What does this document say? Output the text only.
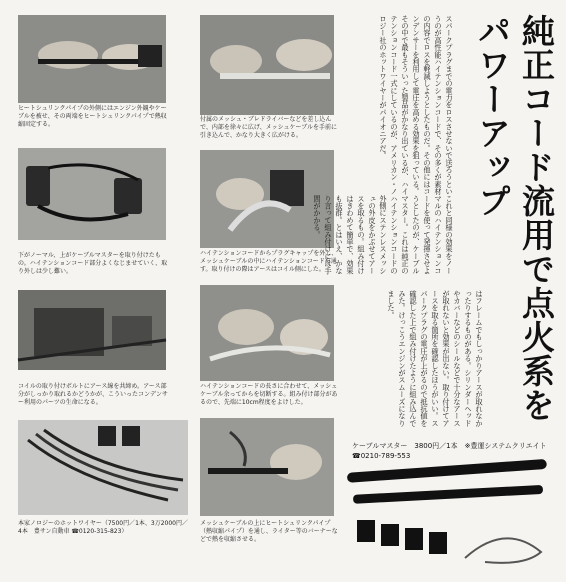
ヒートシュリンクパイプの外側にはエンジン外観やケーブルを被せ、その両端をヒートシュリンクパイプで熱収縮固定する。
下がノーマル、上がケーブルマスターを取り付けたもの。ハイテンションコード部分よくなじませていく、取り外しは少し難い。
コイルの取り付けボルトにアース線を共締め。アース部分がしっかり取れるかどうかが、こういったコンデンサー利用のパーツの生命になる。
本家ノロジーのホットワイヤー（7500円／1本、3万2000円／4本　豊サン自動車 ☎0120-315-823）
付属のメッシュ・ブレドライバーなどを差し込んで、内部を徐々に広げ、メッシュケーブルを手前に引き込んで、かなり大きく広がける。
ハイテンションコードからプラグキャップを外し、メッシュケーブルの中にハイテンションコードを通す。取り付けの際はアースはコイル側にした。
ハイテンションコードの長さに合わせて、メッシュケーブル余ってからを切断する。組み付け部分があるので、先端に10cm程度をよけした。
メッシュケーブルの上にヒートシュリンクパイプ（熱収縮パイプ）を通し、ライター等のバーナーなどで熱を収縮させる。
スパークプラグまでの電力をロスさせないで送ろうというのが高性能ハイテンションコードで、その多くが素材の内容でロスを軽減しようとしたものだ。その他にはコンデンサーを利用して電圧を高める効果を狙っている。その中で最もそういった製品がかなり出ているが、ハイテンションコード一式にしているのが、アメリカン・ノロジー社のホットワイヤーがパイオニアだ。
これと同様の効果をノーマルのハイテンションコードを使って発揮させようとしたのが、ケーブルマスター。これは純正のハイテンションコードの外側にステンレスメッシュの外皮をかぶせてアースを取るもの。組み付けはきわめて簡単で、効果も抜群。とはいえ、かなり言って組み付けには手間がかかる。
はフレームでもしっかりアースが取れなかったりするものがある。シリンダーヘッドやカバーなどのシールなどで十分なアースが取れないと効果が出ない。取り付けてアースを取る箇所を確認したほうがいい。スパークプラグの電圧が上がるので抵抗値を確認した上で組み付けたように組み込んでみた。けっこうエンジンがスムーズになりました。	純正コード流用で点火系を
パワーアップ
ケーブルマスター　3800円／1本　※豊運システムクリエイト
☎0210-789-553
